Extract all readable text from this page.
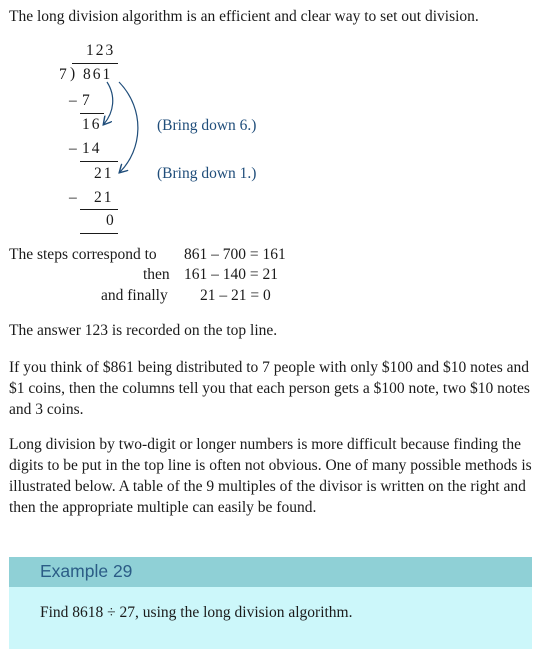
The long division algorithm is an efficient and clear way to set out division.
123
7 ) 861
– 7
16	(Bring down 6.)
– 14
21	(Bring down 1.)
– 21
0
The steps correspond to 861 – 700 = 161
then 161 – 140 = 21
and finally 21 – 21 = 0
The answer 123 is recorded on the top line.
If you think of $861 being distributed to 7 people with only $100 and $10 notes and $1 coins, then the columns tell you that each person gets a $100 note, two $10 notes and 3 coins.
Long division by two-digit or longer numbers is more difficult because finding the digits to be put in the top line is often not obvious. One of many possible methods is illustrated below. A table of the 9 multiples of the divisor is written on the right and then the appropriate multiple can easily be found.
Example 29
Find 8618 ÷ 27, using the long division algorithm.
